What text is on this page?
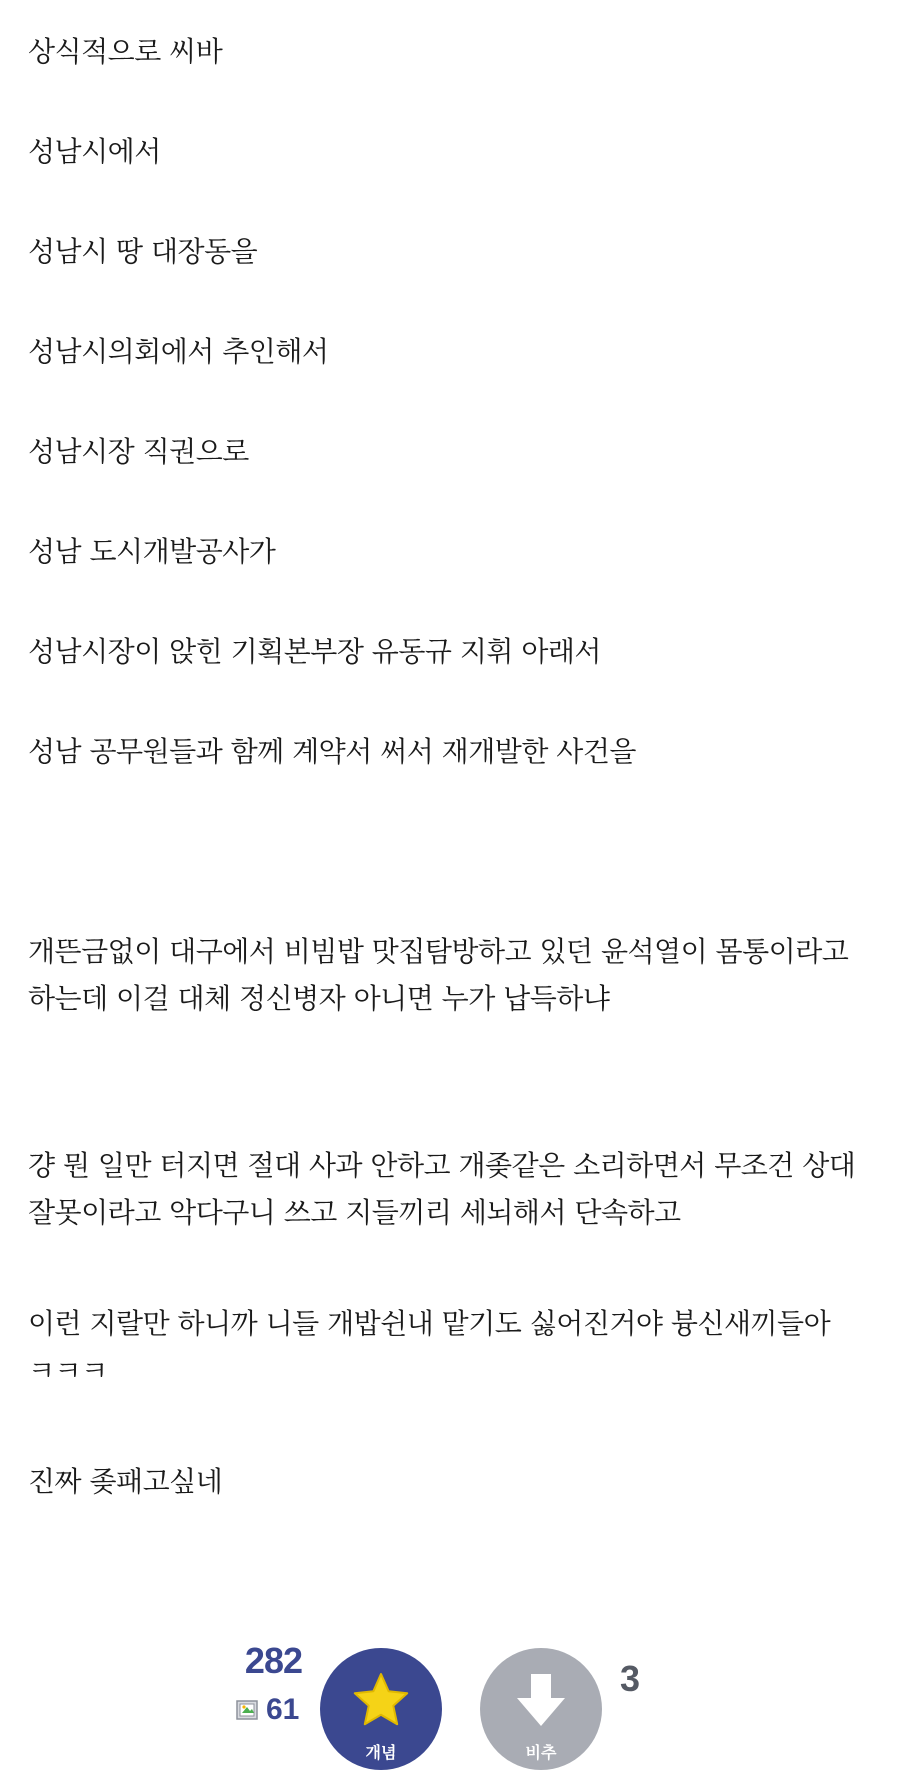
상식적으로 씨바
성남시에서
성남시 땅 대장동을
성남시의회에서 추인해서
성남시장 직권으로
성남 도시개발공사가
성남시장이 앉힌 기획본부장 유동규 지휘 아래서
성남 공무원들과 함께 계약서 써서 재개발한 사건을
개뜬금없이 대구에서 비빔밥 맛집탐방하고 있던 윤석열이 몸통이라고
하는데 이걸 대체 정신병자 아니면 누가 납득하냐
걍 뭔 일만 터지면 절대 사과 안하고 개좆같은 소리하면서 무조건 상대
잘못이라고 악다구니 쓰고 지들끼리 세뇌해서 단속하고
이런 지랄만 하니까 니들 개밥쉰내 맡기도 싫어진거야 븅신새끼들아
ㅋㅋㅋ
진짜 좆패고싶네
282
61
개념	비추
3
